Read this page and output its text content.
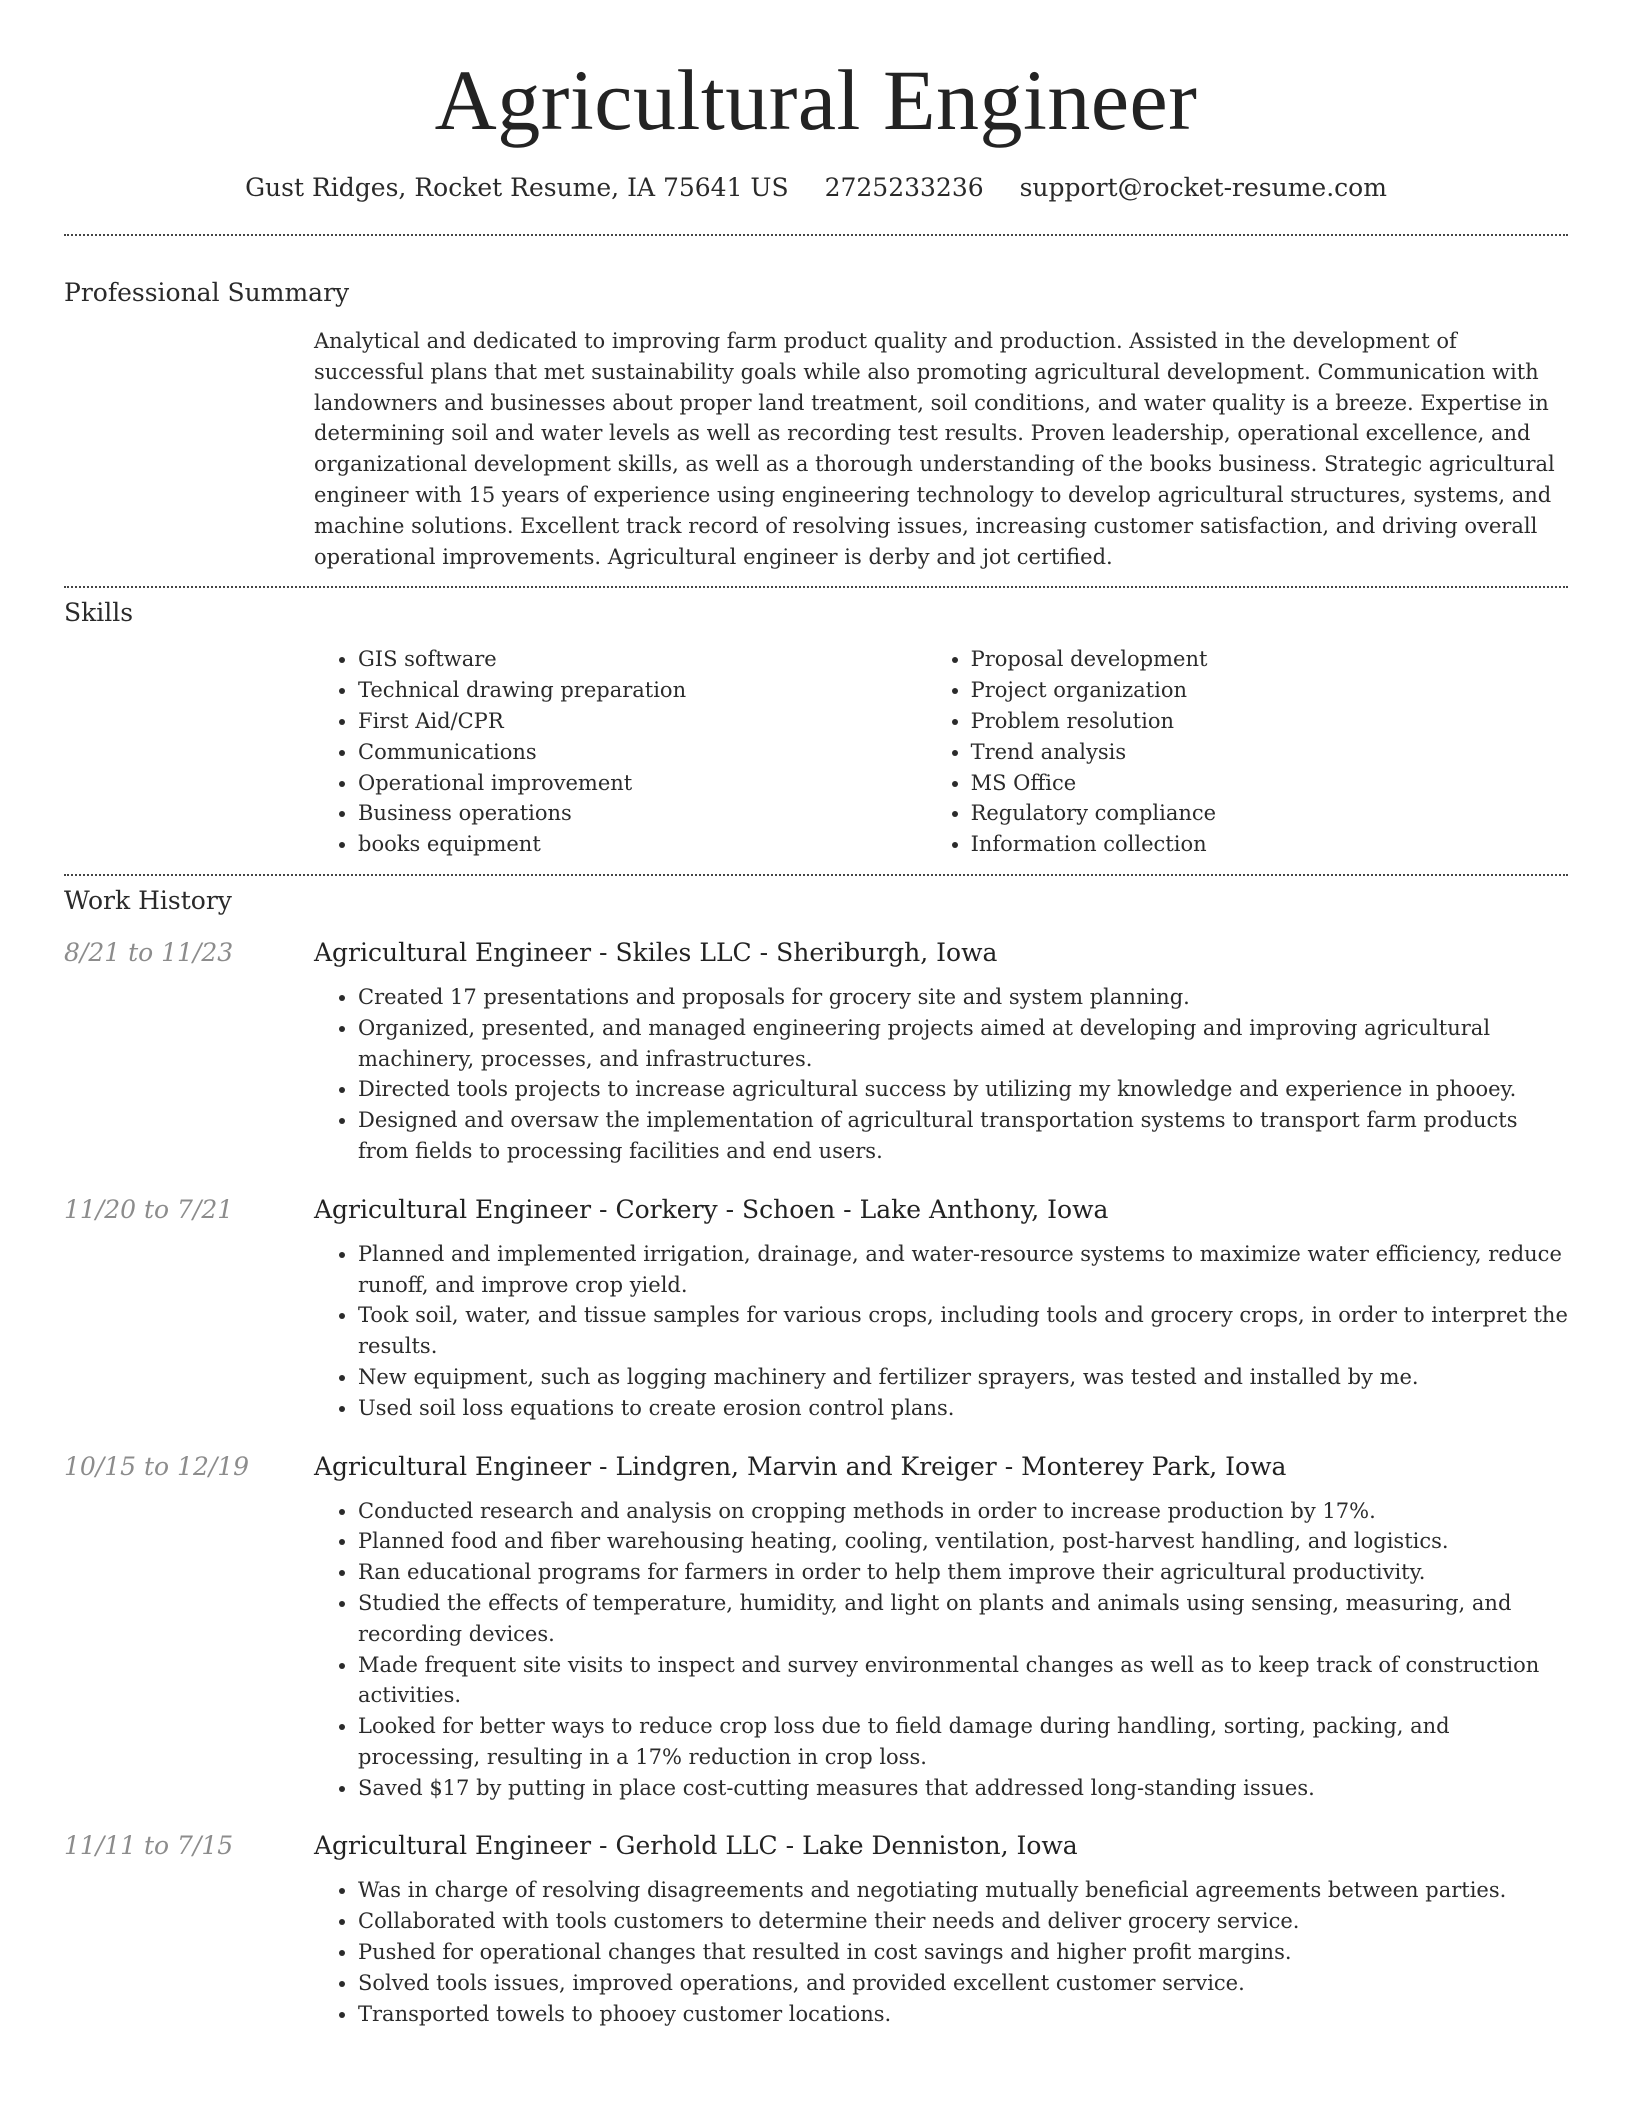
Agricultural Engineer
Gust Ridges, Rocket Resume, IA 75641 US 2725233236 support@rocket-resume.com
Professional Summary

Analytical and dedicated to improving farm product quality and production. Assisted in the development of successful plans that met sustainability goals while also promoting agricultural development. Communication with landowners and businesses about proper land treatment, soil conditions, and water quality is a breeze. Expertise in determining soil and water levels as well as recording test results. Proven leadership, operational excellence, and organizational development skills, as well as a thorough understanding of the books business. Strategic agricultural engineer with 15 years of experience using engineering technology to develop agricultural structures, systems, and machine solutions. Excellent track record of resolving issues, increasing customer satisfaction, and driving overall operational improvements. Agricultural engineer is derby and jot certified.

Skills
• GIS software
• Technical drawing preparation
• First Aid/CPR
• Communications
• Operational improvement
• Business operations
• books equipment
• Proposal development
• Project organization
• Problem resolution
• Trend analysis
• MS Office
• Regulatory compliance
• Information collection
Work History
8/21 to 11/23	Agricultural Engineer - Skiles LLC - Sheriburgh, Iowa
• Created 17 presentations and proposals for grocery site and system planning.
• Organized, presented, and managed engineering projects aimed at developing and improving agricultural machinery, processes, and infrastructures.
• Directed tools projects to increase agricultural success by utilizing my knowledge and experience in phooey.
• Designed and oversaw the implementation of agricultural transportation systems to transport farm products from fields to processing facilities and end users.
11/20 to 7/21	Agricultural Engineer - Corkery - Schoen - Lake Anthony, Iowa
• Planned and implemented irrigation, drainage, and water-resource systems to maximize water efficiency, reduce runoff, and improve crop yield.
• Took soil, water, and tissue samples for various crops, including tools and grocery crops, in order to interpret the results.
• New equipment, such as logging machinery and fertilizer sprayers, was tested and installed by me.
• Used soil loss equations to create erosion control plans.
10/15 to 12/19	Agricultural Engineer - Lindgren, Marvin and Kreiger - Monterey Park, Iowa
• Conducted research and analysis on cropping methods in order to increase production by 17%.
• Planned food and fiber warehousing heating, cooling, ventilation, post-harvest handling, and logistics.
• Ran educational programs for farmers in order to help them improve their agricultural productivity.
• Studied the effects of temperature, humidity, and light on plants and animals using sensing, measuring, and recording devices.
• Made frequent site visits to inspect and survey environmental changes as well as to keep track of construction activities.
• Looked for better ways to reduce crop loss due to field damage during handling, sorting, packing, and processing, resulting in a 17% reduction in crop loss.
• Saved $17 by putting in place cost-cutting measures that addressed long-standing issues.
11/11 to 7/15	Agricultural Engineer - Gerhold LLC - Lake Denniston, Iowa
• Was in charge of resolving disagreements and negotiating mutually beneficial agreements between parties.
• Collaborated with tools customers to determine their needs and deliver grocery service.
• Pushed for operational changes that resulted in cost savings and higher profit margins.
• Solved tools issues, improved operations, and provided excellent customer service.
• Transported towels to phooey customer locations.
